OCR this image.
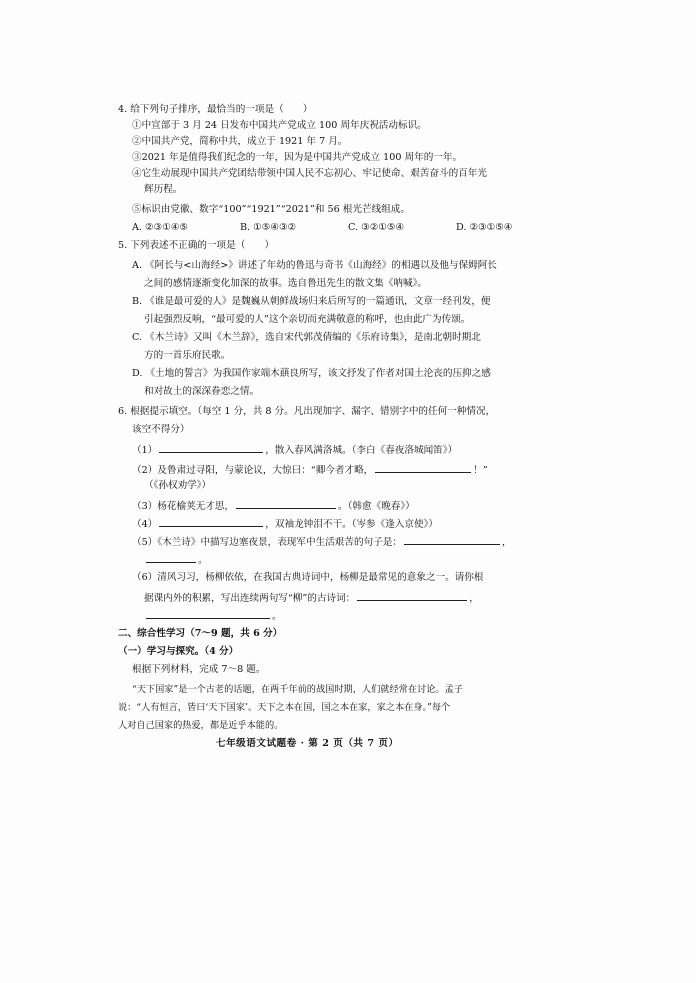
4. 给下列句子排序，最恰当的一项是（　　）
①中宣部于 3 月 24 日发布中国共产党成立 100 周年庆祝活动标识。
②中国共产党，简称中共，成立于 1921 年 7 月。
③2021 年是值得我们纪念的一年，因为是中国共产党成立 100 周年的一年。
④它生动展现中国共产党团结带领中国人民不忘初心、牢记使命、艰苦奋斗的百年光
辉历程。
⑤标识由党徽、数字“100”“1921”“2021”和 56 根光芒线组成。
A. ②③①④⑤	B. ①⑤④③②	C. ③②①⑤④	D. ②③①⑤④
5. 下列表述不正确的一项是（　　）
A. 《阿长与<山海经>》讲述了年幼的鲁迅与奇书《山海经》的相遇以及他与保姆阿长
之间的感情逐渐变化加深的故事。选自鲁迅先生的散文集《呐喊》。
B. 《谁是最可爱的人》是魏巍从朝鲜战场归来后所写的一篇通讯，文章一经刊发，便
引起强烈反响，“最可爱的人”这个亲切而充满敬意的称呼，也由此广为传颂。
C. 《木兰诗》又叫《木兰辞》，选自宋代郭茂倩编的《乐府诗集》，是南北朝时期北
方的一首乐府民歌。
D. 《土地的誓言》为我国作家端木蕻良所写，该文抒发了作者对国土沦丧的压抑之感
和对故土的深深眷恋之情。
6. 根据提示填空。（每空 1 分，共 8 分。凡出现加字、漏字、错别字中的任何一种情况，
该空不得分）
（1）	，散入春风满洛城。（李白《春夜洛城闻笛》）
（2）及鲁肃过寻阳，与蒙论议，大惊曰：“卿今者才略，	！”
（《孙权劝学》）
（3）杨花榆荚无才思，	。（韩愈《晚春》）
（4）	，双袖龙钟泪不干。（岑参《逢入京使》）
（5）《木兰诗》中描写边塞夜景，表现军中生活艰苦的句子是：	，
。
（6）清风习习，杨柳依依，在我国古典诗词中，杨柳是最常见的意象之一。请你根
据课内外的积累，写出连续两句写“柳”的古诗词：	，
。
二、综合性学习（7～9 题，共 6 分）
（一）学习与探究。（4 分）
根据下列材料，完成 7～8 题。
“天下国家”是一个古老的话题，在两千年前的战国时期，人们就经常在讨论。孟子
说：“人有恒言，皆曰‘天下国家’。天下之本在国，国之本在家，家之本在身。”每个
人对自己国家的热爱，都是近乎本能的。
七年级语文试题卷 · 第 2 页（共 7 页）
